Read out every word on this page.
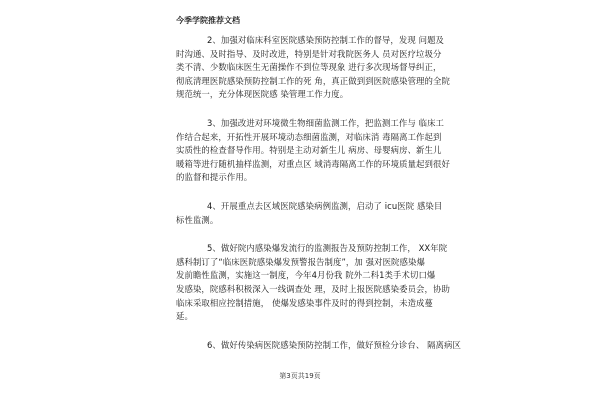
今季学院推荐文档
2、加强对临床科室医院感染预防控制工作的督导，发现 问题及
时沟通、及时指导、及时改进，特别是针对我院医务人 员对医疗垃圾分
类不清、少数临床医生无菌操作不到位等现象 进行多次现场督导纠正，
彻底清理医院感染预防控制工作的死 角，真正做到到医院感染管理的全院
规范统一，充分体现医院感 染管理工作力度。
3、加强改进对环境微生物细菌监测工作，把监测工作与 临床工
作结合起来，开拓性开展环境动态细菌监测，对临床消 毒隔离工作起到
实质性的检查督导作用。特别是主动对新生儿 病房、母婴病房、新生儿
暖箱等进行随机抽样监测，对重点区 域消毒隔离工作的环境质量起到很好
的监督和提示作用。
4、开展重点去区域医院感染病例监测，启动了 icu医院 感染目
标性监测。
5、做好院内感染爆发流行的监测报告及预防控制工作， XX年院
感科制订了“临床医院感染爆发预警报告制度”，加 强对医院感染爆
发前瞻性监测，实施这一制度，今年4月份我 院外二科1类手术切口爆
发感染，院感科积极深入一线调查处 理，及时上报医院感染委员会，协助
临床采取相应控制措施， 使爆发感染事件及时的得到控制，未造成蔓
延。
6、做好传染病医院感染预防控制工作，做好预检分诊台、 隔离病区
第3页共19页
